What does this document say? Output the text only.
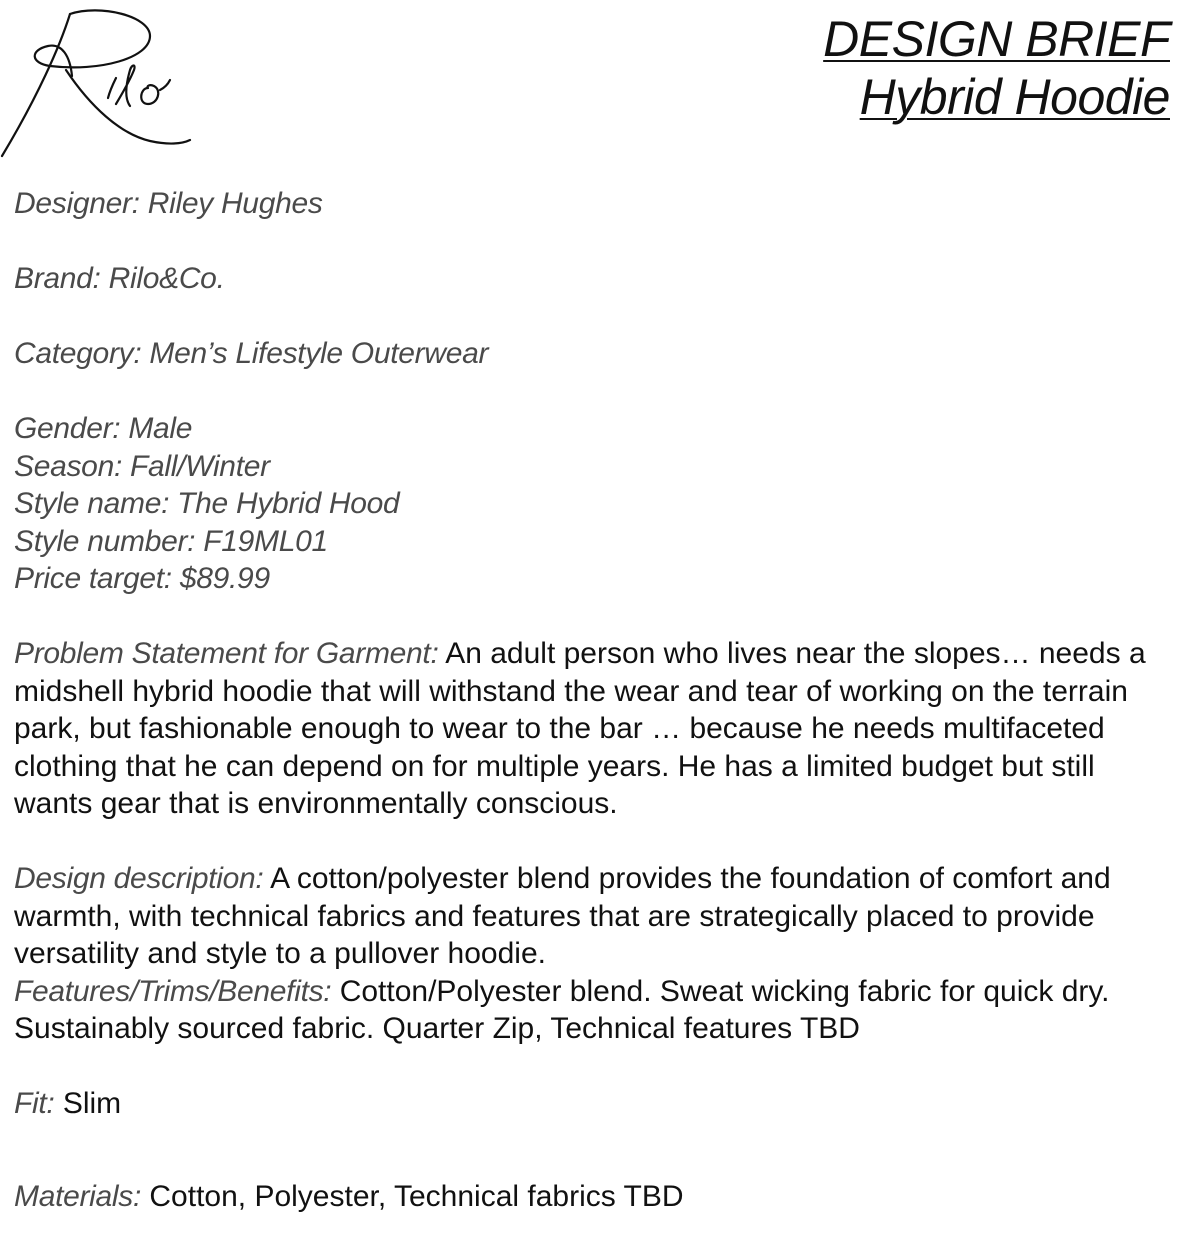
DESIGN BRIEF
Hybrid Hoodie
Designer: Riley Hughes
Brand: Rilo&Co.
Category: Men’s Lifestyle Outerwear
Gender: Male
Season: Fall/Winter
Style name: The Hybrid Hood
Style number: F19ML01
Price target: $89.99

Problem Statement for Garment: An adult person who lives near the slopes… needs a midshell hybrid hoodie that will withstand the wear and tear of working on the terrain park, but fashionable enough to wear to the bar … because he needs multifaceted clothing that he can depend on for multiple years. He has a limited budget but still wants gear that is environmentally conscious.

Design description: A cotton/polyester blend provides the foundation of comfort and warmth, with technical fabrics and features that are strategically placed to provide versatility and style to a pullover hoodie.

Features/Trims/Benefits: Cotton/Polyester blend. Sweat wicking fabric for quick dry. Sustainably sourced fabric. Quarter Zip, Technical features TBD

Fit: Slim

Materials: Cotton, Polyester, Technical fabrics TBD
